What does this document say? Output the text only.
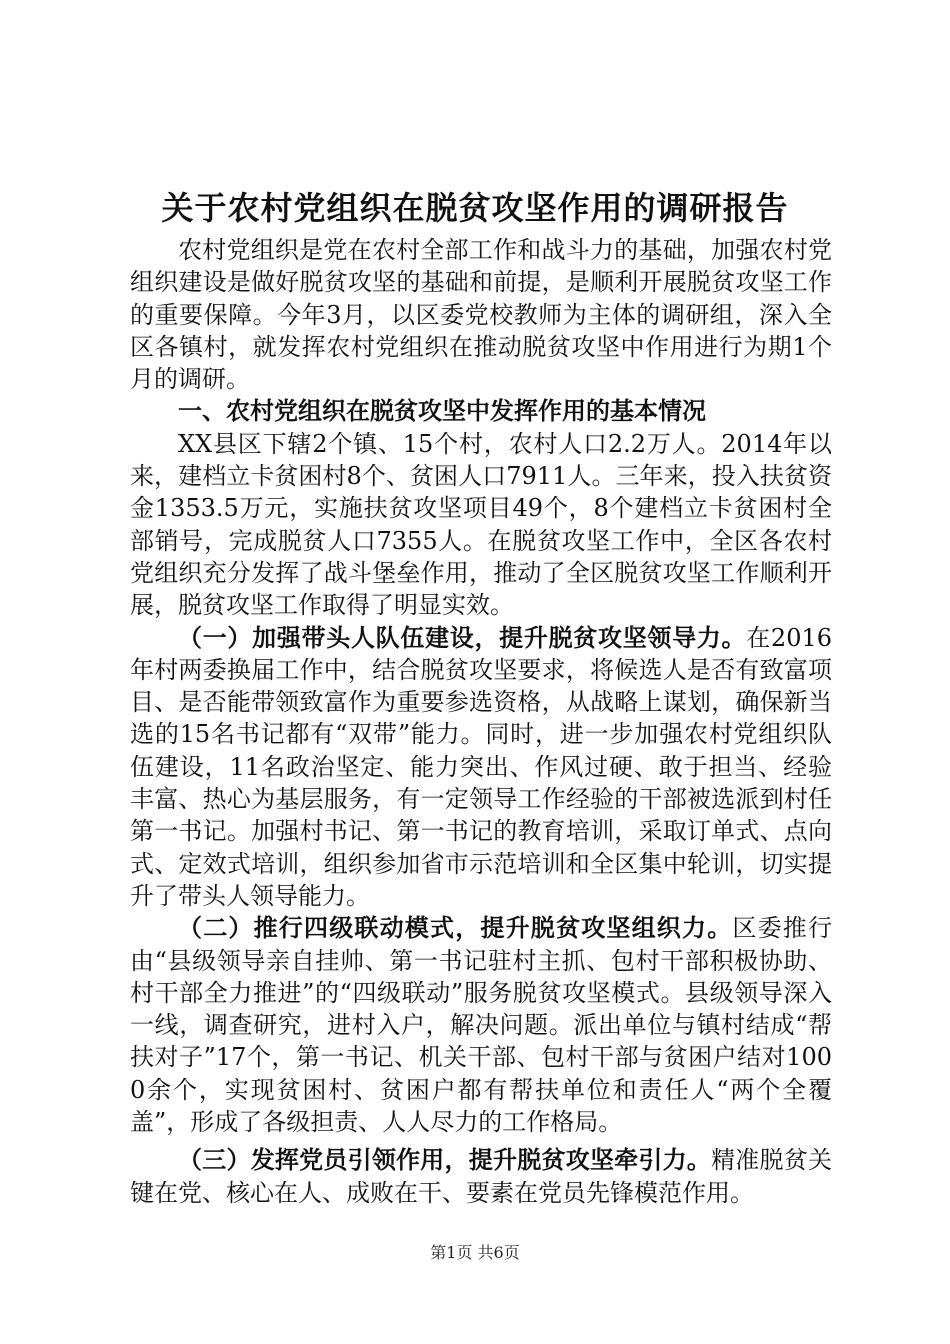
关于农村党组织在脱贫攻坚作用的调研报告

农村党组织是党在农村全部工作和战斗力的基础，加强农村党组织建设是做好脱贫攻坚的基础和前提，是顺利开展脱贫攻坚工作的重要保障。今年3月，以区委党校教师为主体的调研组，深入全区各镇村，就发挥农村党组织在推动脱贫攻坚中作用进行为期1个月的调研。

一、农村党组织在脱贫攻坚中发挥作用的基本情况

XX县区下辖2个镇、15个村，农村人口2.2万人。2014年以来，建档立卡贫困村8个、贫困人口7911人。三年来，投入扶贫资金1353.5万元，实施扶贫攻坚项目49个，8个建档立卡贫困村全部销号，完成脱贫人口7355人。在脱贫攻坚工作中，全区各农村党组织充分发挥了战斗堡垒作用，推动了全区脱贫攻坚工作顺利开展，脱贫攻坚工作取得了明显实效。

（一）加强带头人队伍建设，提升脱贫攻坚领导力。在2016年村两委换届工作中，结合脱贫攻坚要求，将候选人是否有致富项目、是否能带领致富作为重要参选资格，从战略上谋划，确保新当选的15名书记都有“双带”能力。同时，进一步加强农村党组织队伍建设，11名政治坚定、能力突出、作风过硬、敢于担当、经验丰富、热心为基层服务，有一定领导工作经验的干部被选派到村任第一书记。加强村书记、第一书记的教育培训，采取订单式、点向式、定效式培训，组织参加省市示范培训和全区集中轮训，切实提升了带头人领导能力。

（二）推行四级联动模式，提升脱贫攻坚组织力。区委推行由“县级领导亲自挂帅、第一书记驻村主抓、包村干部积极协助、村干部全力推进”的“四级联动”服务脱贫攻坚模式。县级领导深入一线，调查研究，进村入户，解决问题。派出单位与镇村结成“帮扶对子”17个，第一书记、机关干部、包村干部与贫困户结对1000余个，实现贫困村、贫困户都有帮扶单位和责任人“两个全覆盖”，形成了各级担责、人人尽力的工作格局。

（三）发挥党员引领作用，提升脱贫攻坚牵引力。精准脱贫关键在党、核心在人、成败在干、要素在党员先锋模范作用。

第1页 共6页
